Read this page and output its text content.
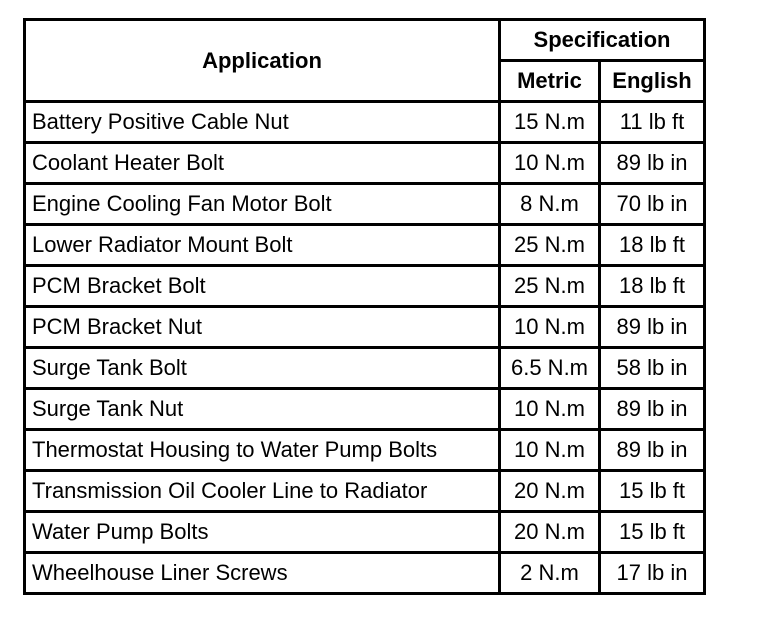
Application	Specification	
	Metric	English
Battery Positive Cable Nut	15 N.m	11 lb ft
Coolant Heater Bolt	10 N.m	89 lb in
Engine Cooling Fan Motor Bolt	8 N.m	70 lb in
Lower Radiator Mount Bolt	25 N.m	18 lb ft
PCM Bracket Bolt	25 N.m	18 lb ft
PCM Bracket Nut	10 N.m	89 lb in
Surge Tank Bolt	6.5 N.m	58 lb in
Surge Tank Nut	10 N.m	89 lb in
Thermostat Housing to Water Pump Bolts	10 N.m	89 lb in
Transmission Oil Cooler Line to Radiator	20 N.m	15 lb ft
Water Pump Bolts	20 N.m	15 lb ft
Wheelhouse Liner Screws	2 N.m	17 lb in
